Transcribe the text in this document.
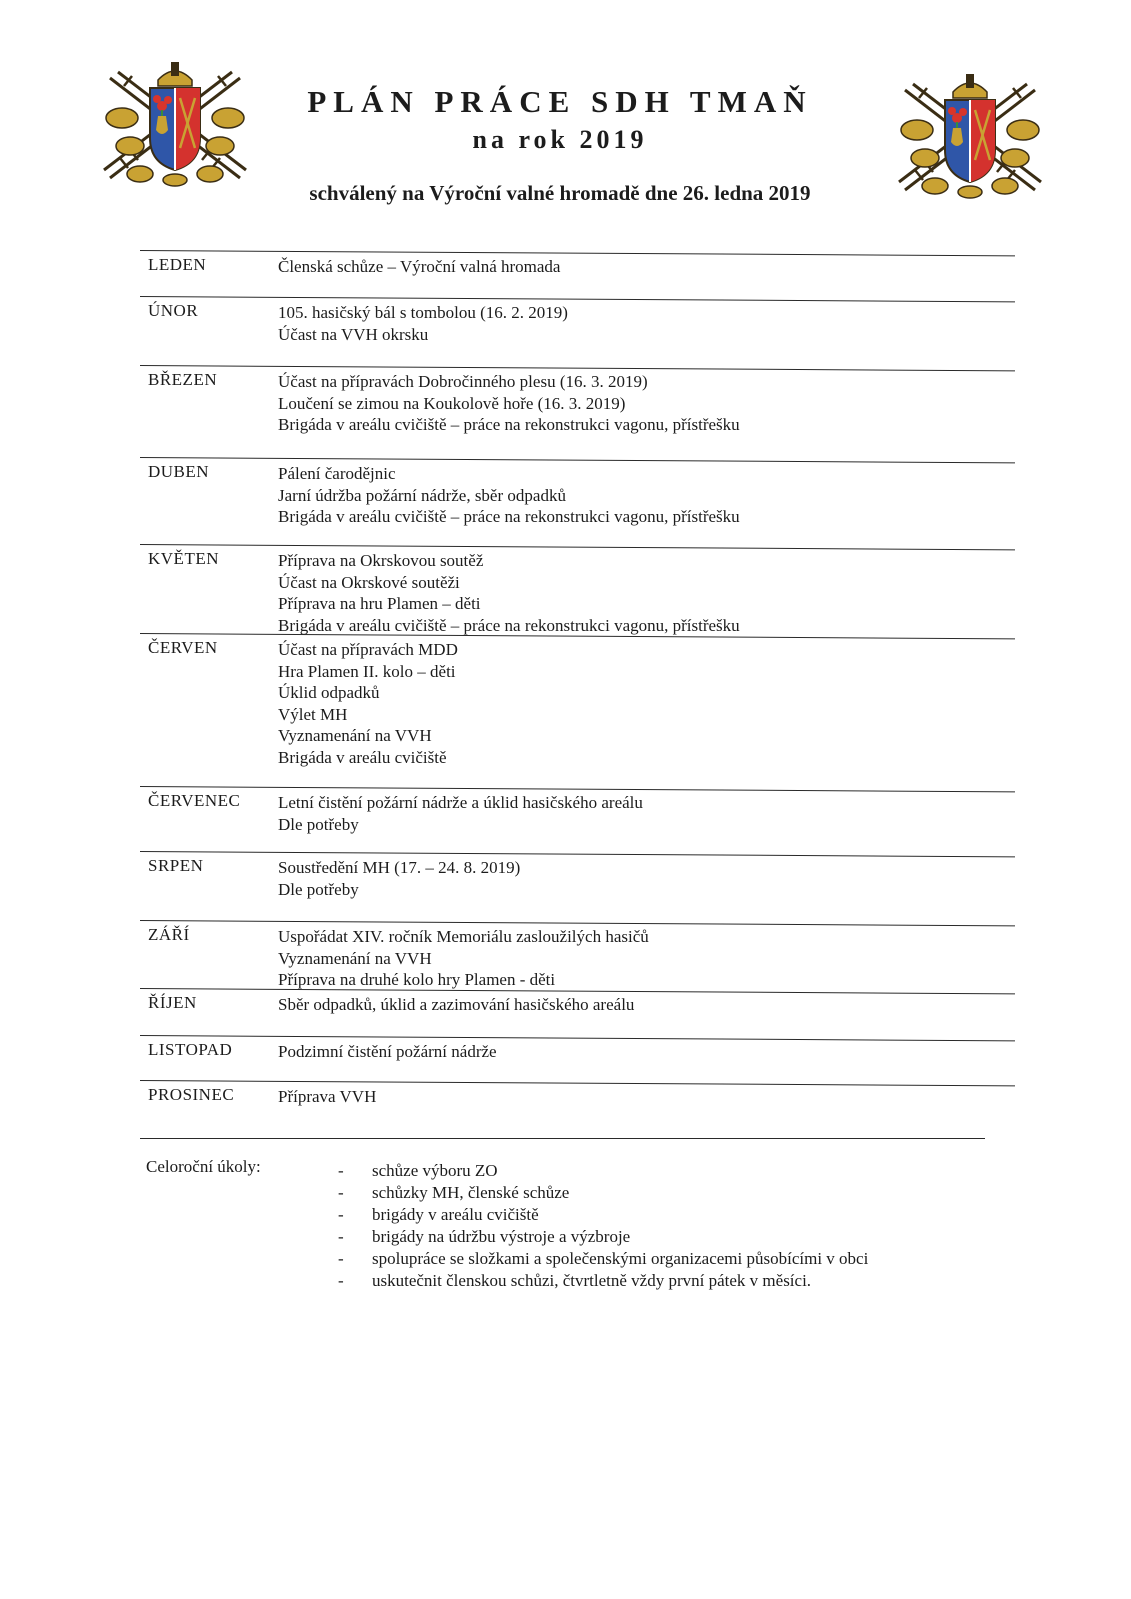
PLÁN PRÁCE SDH TMAŇ
na rok 2019
schválený na Výroční valné hromadě dne 26. ledna 2019
LEDEN	Členská schůze – Výroční valná hromada
ÚNOR	105. hasičský bál s tombolou (16. 2. 2019)
Účast na VVH okrsku
BŘEZEN	Účast na přípravách Dobročinného plesu (16. 3. 2019)
Loučení se zimou na Koukolově hoře (16. 3. 2019)
Brigáda v areálu cvičiště – práce na rekonstrukci vagonu, přístřešku
DUBEN	Pálení čarodějnic
Jarní údržba požární nádrže, sběr odpadků
Brigáda v areálu cvičiště – práce na rekonstrukci vagonu, přístřešku
KVĚTEN	Příprava na Okrskovou soutěž
Účast na Okrskové soutěži
Příprava na hru Plamen – děti
Brigáda v areálu cvičiště – práce na rekonstrukci vagonu, přístřešku
ČERVEN	Účast na přípravách MDD
Hra Plamen II. kolo – děti
Úklid odpadků
Výlet MH
Vyznamenání na VVH
Brigáda v areálu cvičiště
ČERVENEC Letní čistění požární nádrže a úklid hasičského areálu
Dle potřeby
SRPEN	Soustředění MH (17. – 24. 8. 2019)
Dle potřeby
ZÁŘÍ	Uspořádat XIV. ročník Memoriálu zasloužilých hasičů
Vyznamenání na VVH
Příprava na druhé kolo hry Plamen - děti
ŘÍJEN	Sběr odpadků, úklid a zazimování hasičského areálu
LISTOPAD	Podzimní čistění požární nádrže
PROSINEC	Příprava VVH
Celoroční úkoly:	- schůze výboru ZO
- schůzky MH, členské schůze
- brigády v areálu cvičiště
- brigády na údržbu výstroje a výzbroje
- spolupráce se složkami a společenskými organizacemi působícími v obci
- uskutečnit členskou schůzi, čtvrtletně vždy první pátek v měsíci.
